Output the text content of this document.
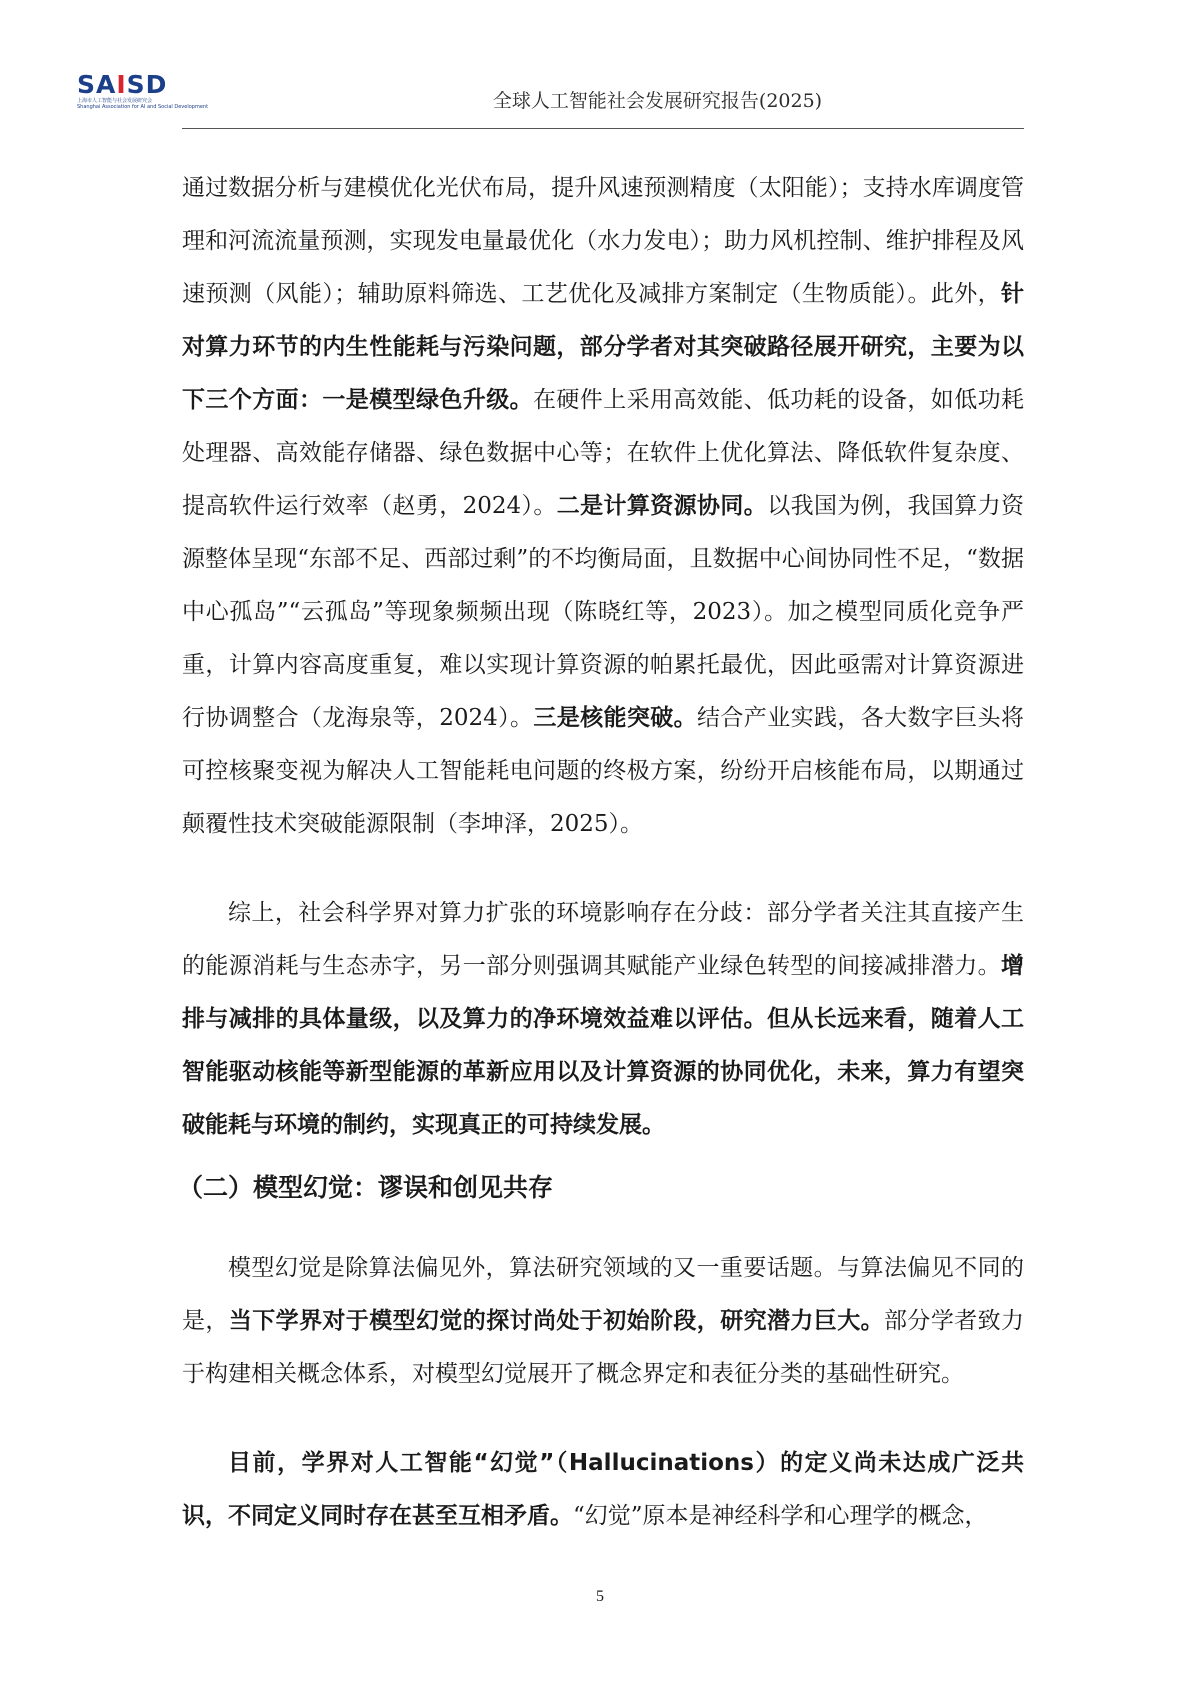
SAISD
上海市人工智能与社会发展研究会
Shanghai Association for AI and Social Development	全球人工智能社会发展研究报告(2025)

通过数据分析与建模优化光伏布局，提升风速预测精度（太阳能）；支持水库调度管理和河流流量预测，实现发电量最优化（水力发电）；助力风机控制、维护排程及风速预测（风能）；辅助原料筛选、工艺优化及减排方案制定（生物质能）。此外，针对算力环节的内生性能耗与污染问题，部分学者对其突破路径展开研究，主要为以下三个方面：一是模型绿色升级。在硬件上采用高效能、低功耗的设备，如低功耗处理器、高效能存储器、绿色数据中心等；在软件上优化算法、降低软件复杂度、提高软件运行效率（赵勇，2024）。二是计算资源协同。以我国为例，我国算力资源整体呈现“东部不足、西部过剩”的不均衡局面，且数据中心间协同性不足，“数据中心孤岛”“云孤岛”等现象频频出现（陈晓红等，2023）。加之模型同质化竞争严重，计算内容高度重复，难以实现计算资源的帕累托最优，因此亟需对计算资源进行协调整合（龙海泉等，2024）。三是核能突破。结合产业实践，各大数字巨头将可控核聚变视为解决人工智能耗电问题的终极方案，纷纷开启核能布局，以期通过颠覆性技术突破能源限制（李坤泽，2025）。

综上，社会科学界对算力扩张的环境影响存在分歧：部分学者关注其直接产生的能源消耗与生态赤字，另一部分则强调其赋能产业绿色转型的间接减排潜力。增排与减排的具体量级，以及算力的净环境效益难以评估。但从长远来看，随着人工智能驱动核能等新型能源的革新应用以及计算资源的协同优化，未来，算力有望突破能耗与环境的制约，实现真正的可持续发展。

（二）模型幻觉：谬误和创见共存

模型幻觉是除算法偏见外，算法研究领域的又一重要话题。与算法偏见不同的是，当下学界对于模型幻觉的探讨尚处于初始阶段，研究潜力巨大。部分学者致力于构建相关概念体系，对模型幻觉展开了概念界定和表征分类的基础性研究。

目前，学界对人工智能“幻觉”（Hallucinations）的定义尚未达成广泛共识，不同定义同时存在甚至互相矛盾。“幻觉”原本是神经科学和心理学的概念，

5
